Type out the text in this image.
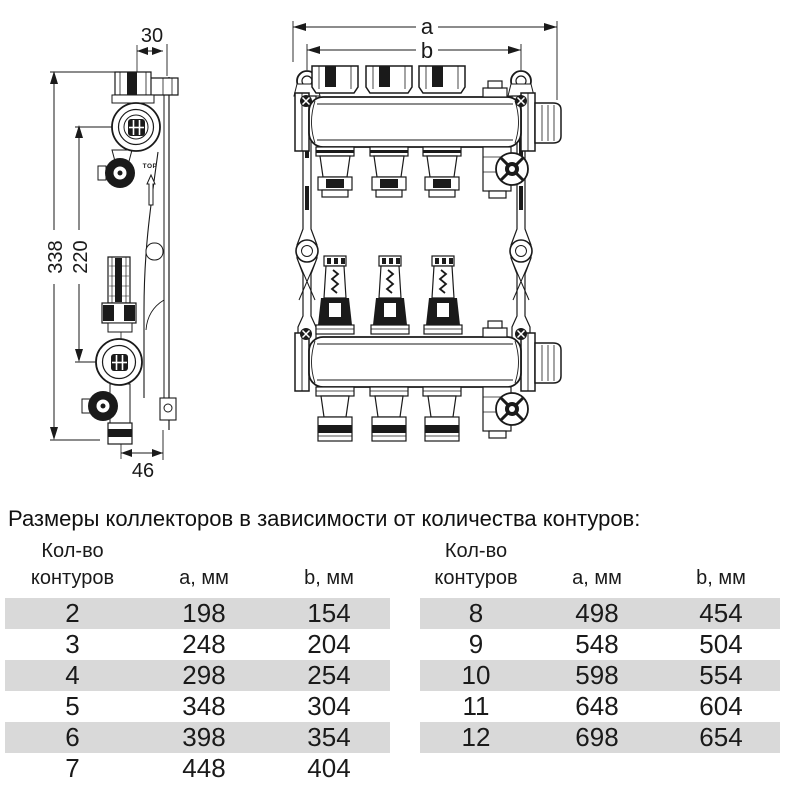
TOP
30
46
338 220
a
b
Размеры коллекторов в зависимости от количества контуров:
Кол-во
контуров	a, мм	b, мм
2	198	154
3	248	204
4	298	254
5	348	304
6	398	354
7	448	404
Кол-во
контуров	a, мм	b, мм
8	498	454
9	548	504
10	598	554
11	648	604
12	698	654
